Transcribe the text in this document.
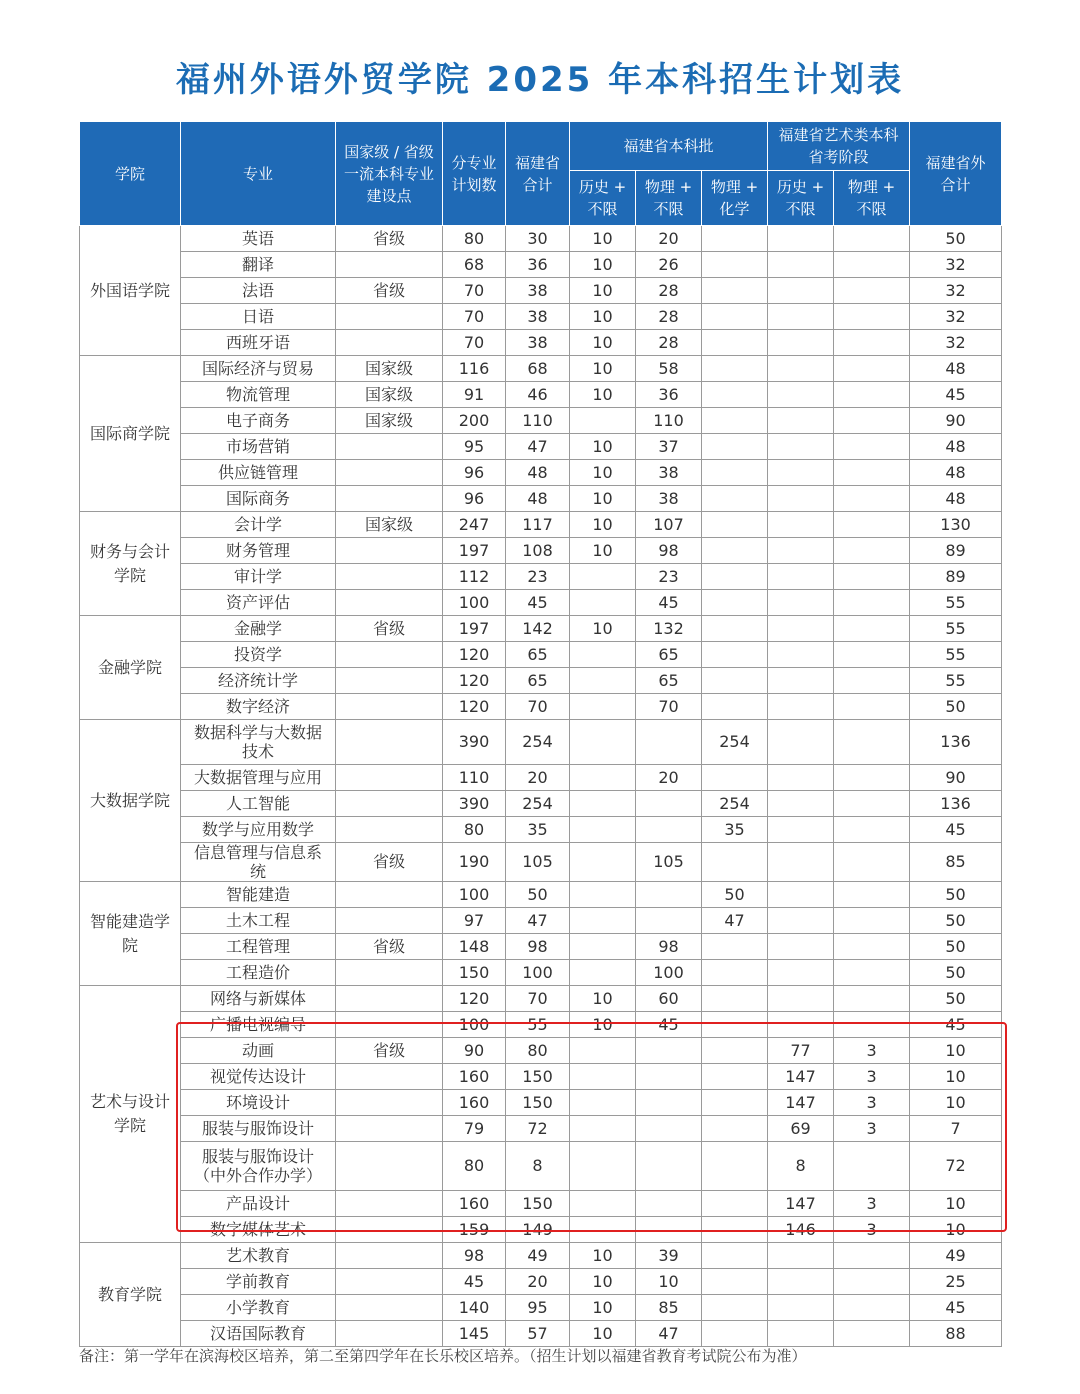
福州外语外贸学院 2025 年本科招生计划表
学院	专业	国家级 / 省级一流本科专业建设点	分专业计划数	福建省合计	福建省本科批			福建省艺术类本科省考阶段		福建省外合计
					历史 + 不限	物理 + 不限	物理 + 化学	历史 + 不限	物理 + 不限	
外国语学院	英语	省级	80	30	10	20				50
	翻译		68	36	10	26				32
	法语	省级	70	38	10	28				32
	日语		70	38	10	28				32
	西班牙语		70	38	10	28				32
国际商学院	国际经济与贸易	国家级	116	68	10	58				48
	物流管理	国家级	91	46	10	36				45
	电子商务	国家级	200	110		110				90
	市场营销		95	47	10	37				48
	供应链管理		96	48	10	38				48
	国际商务		96	48	10	38				48
财务与会计学院	会计学	国家级	247	117	10	107				130
	财务管理		197	108	10	98				89
	审计学		112	23		23				89
	资产评估		100	45		45				55
金融学院	金融学	省级	197	142	10	132				55
	投资学		120	65		65				55
	经济统计学		120	65		65				55
	数字经济		120	70		70				50
大数据学院	数据科学与大数据技术		390	254			254			136
	大数据管理与应用		110	20		20				90
	人工智能		390	254			254			136
	数学与应用数学		80	35			35			45
	信息管理与信息系统	省级	190	105		105				85
智能建造学院	智能建造		100	50			50			50
	土木工程		97	47			47			50
	工程管理	省级	148	98		98				50
	工程造价		150	100		100				50
艺术与设计学院	网络与新媒体		120	70	10	60				50
	广播电视编导		100	55	10	45				45
	动画	省级	90	80				77	3	10
	视觉传达设计		160	150				147	3	10
	环境设计		160	150				147	3	10
	服装与服饰设计		79	72				69	3	7
	服装与服饰设计（中外合作办学）		80	8				8		72
	产品设计		160	150				147	3	10
	数字媒体艺术		159	149				146	3	10
教育学院	艺术教育		98	49	10	39				49
	学前教育		45	20	10	10				25
	小学教育		140	95	10	85				45
	汉语国际教育		145	57	10	47				88
备注：第一学年在滨海校区培养，第二至第四学年在长乐校区培养。（招生计划以福建省教育考试院公布为准）
